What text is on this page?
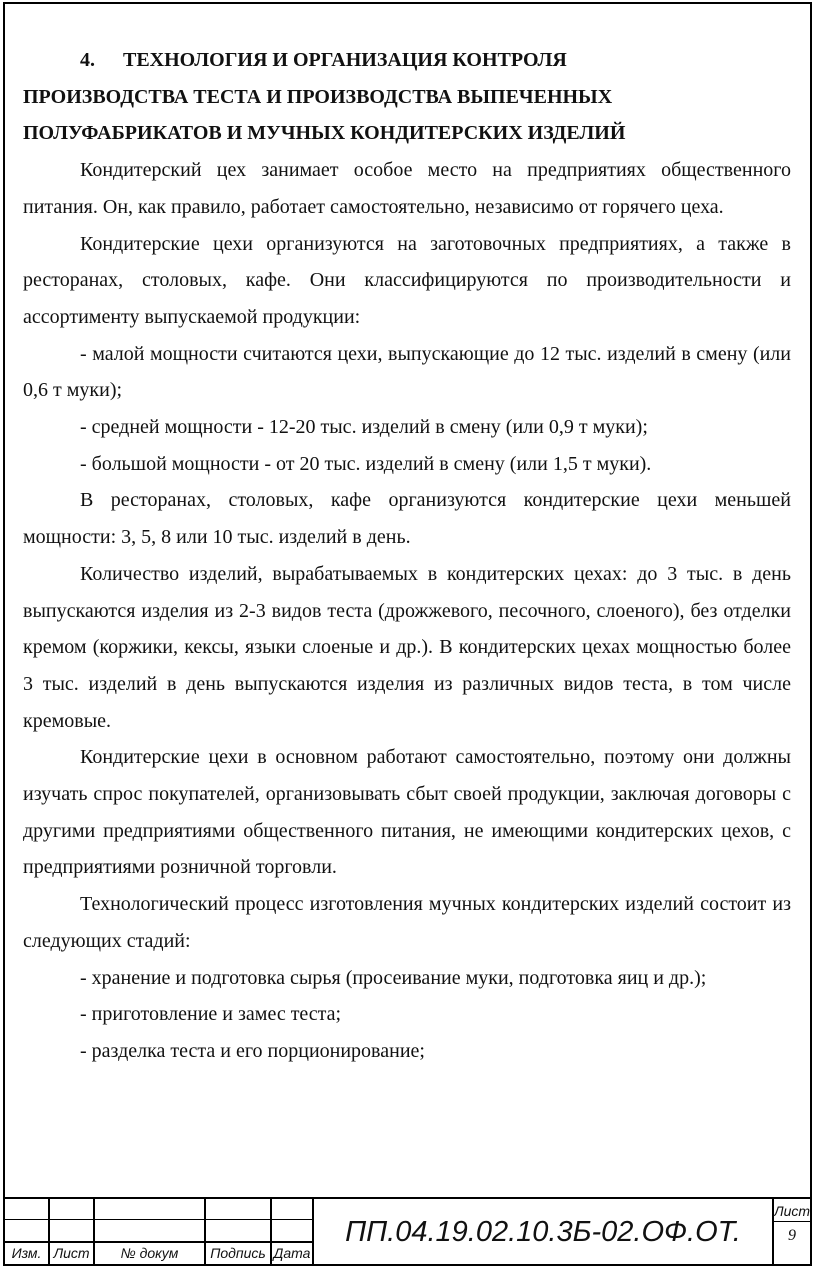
4. ТЕХНОЛОГИЯ И ОРГАНИЗАЦИЯ КОНТРОЛЯ
ПРОИЗВОДСТВА ТЕСТА И ПРОИЗВОДСТВА ВЫПЕЧЕННЫХ
ПОЛУФАБРИКАТОВ И МУЧНЫХ КОНДИТЕРСКИХ ИЗДЕЛИЙ

Кондитерский цех занимает особое место на предприятиях общественного питания. Он, как правило, работает самостоятельно, независимо от горячего цеха.

Кондитерские цехи организуются на заготовочных предприятиях, а также в ресторанах, столовых, кафе. Они классифицируются по производительности и ассортименту выпускаемой продукции:

- малой мощности считаются цехи, выпускающие до 12 тыс. изделий в смену (или 0,6 т муки);

- средней мощности - 12-20 тыс. изделий в смену (или 0,9 т муки);

- большой мощности - от 20 тыс. изделий в смену (или 1,5 т муки).

В ресторанах, столовых, кафе организуются кондитерские цехи меньшей мощности: 3, 5, 8 или 10 тыс. изделий в день.

Количество изделий, вырабатываемых в кондитерских цехах: до 3 тыс. в день выпускаются изделия из 2-3 видов теста (дрожжевого, песочного, слоеного), без отделки кремом (коржики, кексы, языки слоеные и др.). В кондитерских цехах мощностью более 3 тыс. изделий в день выпускаются изделия из различных видов теста, в том числе кремовые.

Кондитерские цехи в основном работают самостоятельно, поэтому они должны изучать спрос покупателей, организовывать сбыт своей продукции, заключая договоры с другими предприятиями общественного питания, не имеющими кондитерских цехов, с предприятиями розничной торговли.

Технологический процесс изготовления мучных кондитерских изделий состоит из следующих стадий:

- хранение и подготовка сырья (просеивание муки, подготовка яиц и др.);

- приготовление и замес теста;

- разделка теста и его порционирование;

Изм. Лист	№ докум	Подпись Дата
ПП.04.19.02.10.3Б-02.ОФ.ОТ.
Лист
9
